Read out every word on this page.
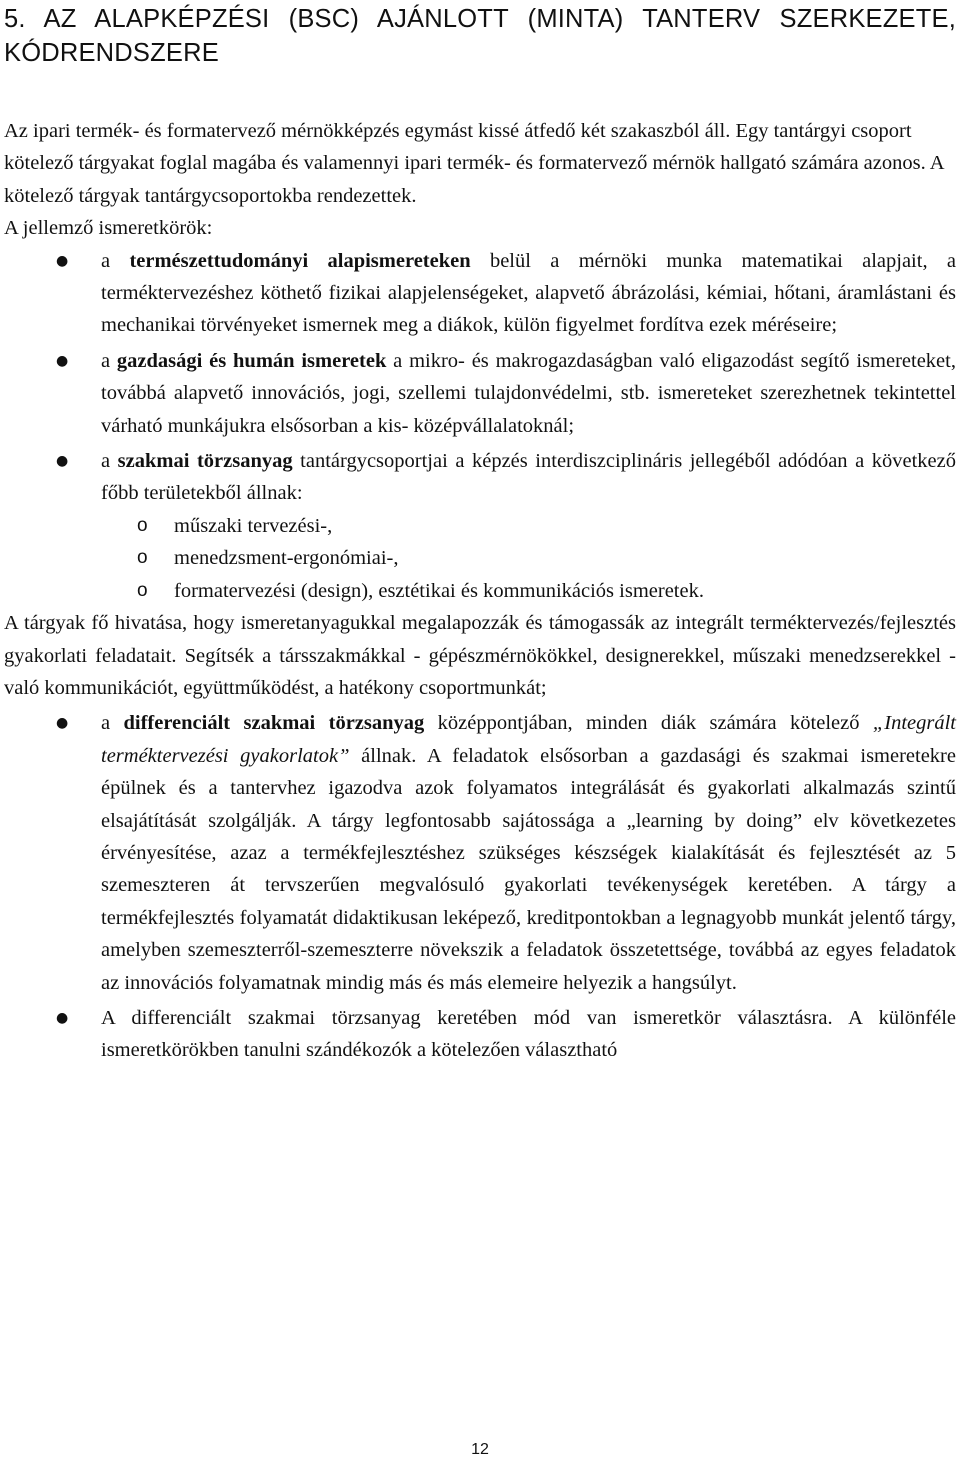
5. AZ ALAPKÉPZÉSI (BSC) AJÁNLOTT (MINTA) TANTERV SZERKEZETE, KÓDRENDSZERE

Az ipari termék- és formatervező mérnökképzés egymást kissé átfedő két szakaszból áll. Egy tantárgyi csoport kötelező tárgyakat foglal magába és valamennyi ipari termék- és formatervező mérnök hallgató számára azonos. A kötelező tárgyak tantárgycsoportokba rendezettek.

A jellemző ismeretkörök:

● a természettudományi alapismereteken belül a mérnöki munka matematikai alapjait, a terméktervezéshez köthető fizikai alapjelenségeket, alapvető ábrázolási, kémiai, hőtani, áramlástani és mechanikai törvényeket ismernek meg a diákok, külön figyelmet fordítva ezek méréseire;
● a gazdasági és humán ismeretek a mikro- és makrogazdaságban való eligazodást segítő ismereteket, továbbá alapvető innovációs, jogi, szellemi tulajdonvédelmi, stb. ismereteket szerezhetnek tekintettel várható munkájukra elsősorban a kis- középvállalatoknál;
● a szakmai törzsanyag tantárgycsoportjai a képzés interdiszciplináris jellegéből adódóan a következő főbb területekből állnak:
o műszaki tervezési-,
o menedzsment-ergonómiai-,
o formatervezési (design), esztétikai és kommunikációs ismeretek.

A tárgyak fő hivatása, hogy ismeretanyagukkal megalapozzák és támogassák az integrált terméktervezés/fejlesztés gyakorlati feladatait. Segítsék a társszakmákkal - gépészmérnökökkel, designerekkel, műszaki menedzserekkel - való kommunikációt, együttműködést, a hatékony csoportmunkát;

● a differenciált szakmai törzsanyag középpontjában, minden diák számára kötelező „Integrált terméktervezési gyakorlatok” állnak. A feladatok elsősorban a gazdasági és szakmai ismeretekre épülnek és a tantervhez igazodva azok folyamatos integrálását és gyakorlati alkalmazás szintű elsajátítását szolgálják. A tárgy legfontosabb sajátossága a „learning by doing” elv következetes érvényesítése, azaz a termékfejlesztéshez szükséges készségek kialakítását és fejlesztését az 5 szemeszteren át tervszerűen megvalósuló gyakorlati tevékenységek keretében. A tárgy a termékfejlesztés folyamatát didaktikusan leképező, kreditpontokban a legnagyobb munkát jelentő tárgy, amelyben szemeszterről-szemeszterre növekszik a feladatok összetettsége, továbbá az egyes feladatok az innovációs folyamatnak mindig más és más elemeire helyezik a hangsúlyt.
● A differenciált szakmai törzsanyag keretében mód van ismeretkör választásra. A különféle ismeretkörökben tanulni szándékozók a kötelezően választható
12
